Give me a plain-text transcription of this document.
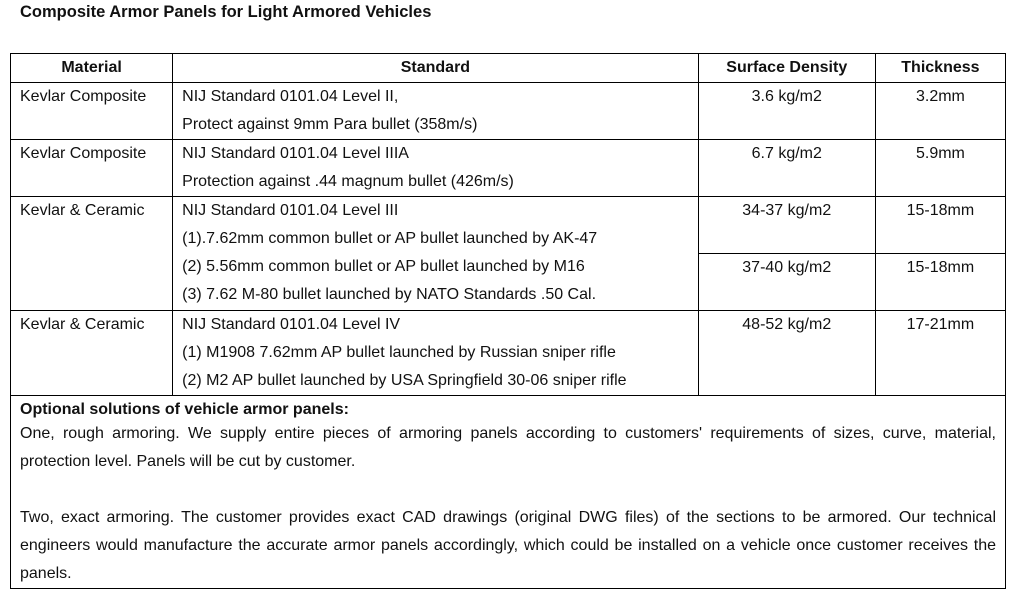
Composite Armor Panels for Light Armored Vehicles
Material	Standard	Surface Density	Thickness
Kevlar Composite	NIJ Standard 0101.04 Level II,
Protect against 9mm Para bullet (358m/s)	3.6 kg/m2	3.2mm
Kevlar Composite	NIJ Standard 0101.04 Level IIIA
Protection against .44 magnum bullet (426m/s)	6.7 kg/m2	5.9mm
Kevlar & Ceramic	NIJ Standard 0101.04 Level III
(1).7.62mm common bullet or AP bullet launched by AK-47
(2) 5.56mm common bullet or AP bullet launched by M16
(3) 7.62 M-80 bullet launched by NATO Standards .50 Cal.	34-37 kg/m2	15-18mm
		37-40 kg/m2	15-18mm
Kevlar & Ceramic	NIJ Standard 0101.04 Level IV
(1) M1908 7.62mm AP bullet launched by Russian sniper rifle
(2) M2 AP bullet launched by USA Springfield 30-06 sniper rifle	48-52 kg/m2	17-21mm

Optional solutions of vehicle armor panels:

One, rough armoring. We supply entire pieces of armoring panels according to customers' requirements of sizes, curve, material, protection level. Panels will be cut by customer.

Two, exact armoring. The customer provides exact CAD drawings (original DWG files) of the sections to be armored. Our technical engineers would manufacture the accurate armor panels accordingly, which could be installed on a vehicle once customer receives the panels.			
